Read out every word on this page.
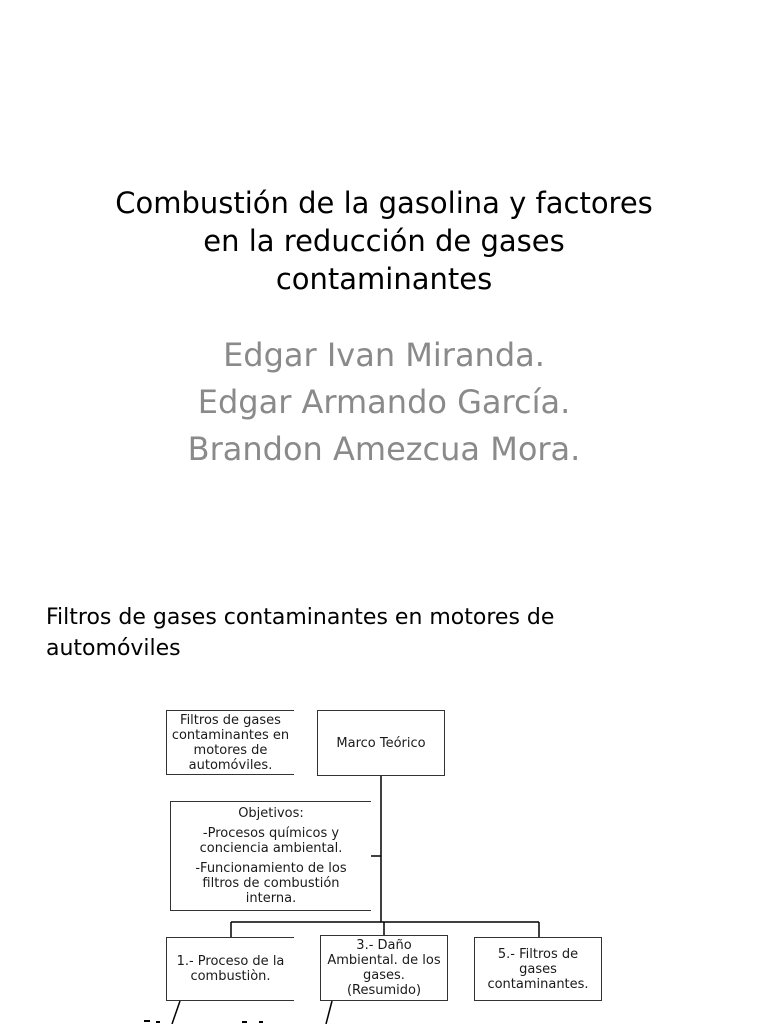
Combustión de la gasolina y factores
en la reducción de gases
contaminantes
Edgar Ivan Miranda.
Edgar Armando García.
Brandon Amezcua Mora.
Filtros de gases contaminantes en motores de
automóviles
Filtros de gases
contaminantes en
motores de
automóviles.
Marco Teórico
Objetivos:
-Procesos químicos y
conciencia ambiental.
-Funcionamiento de los
filtros de combustión
interna.
1.- Proceso de la
combustiòn.
3.- Daño
Ambiental. de los
gases.
(Resumido)
5.- Filtros de
gases
contaminantes.
